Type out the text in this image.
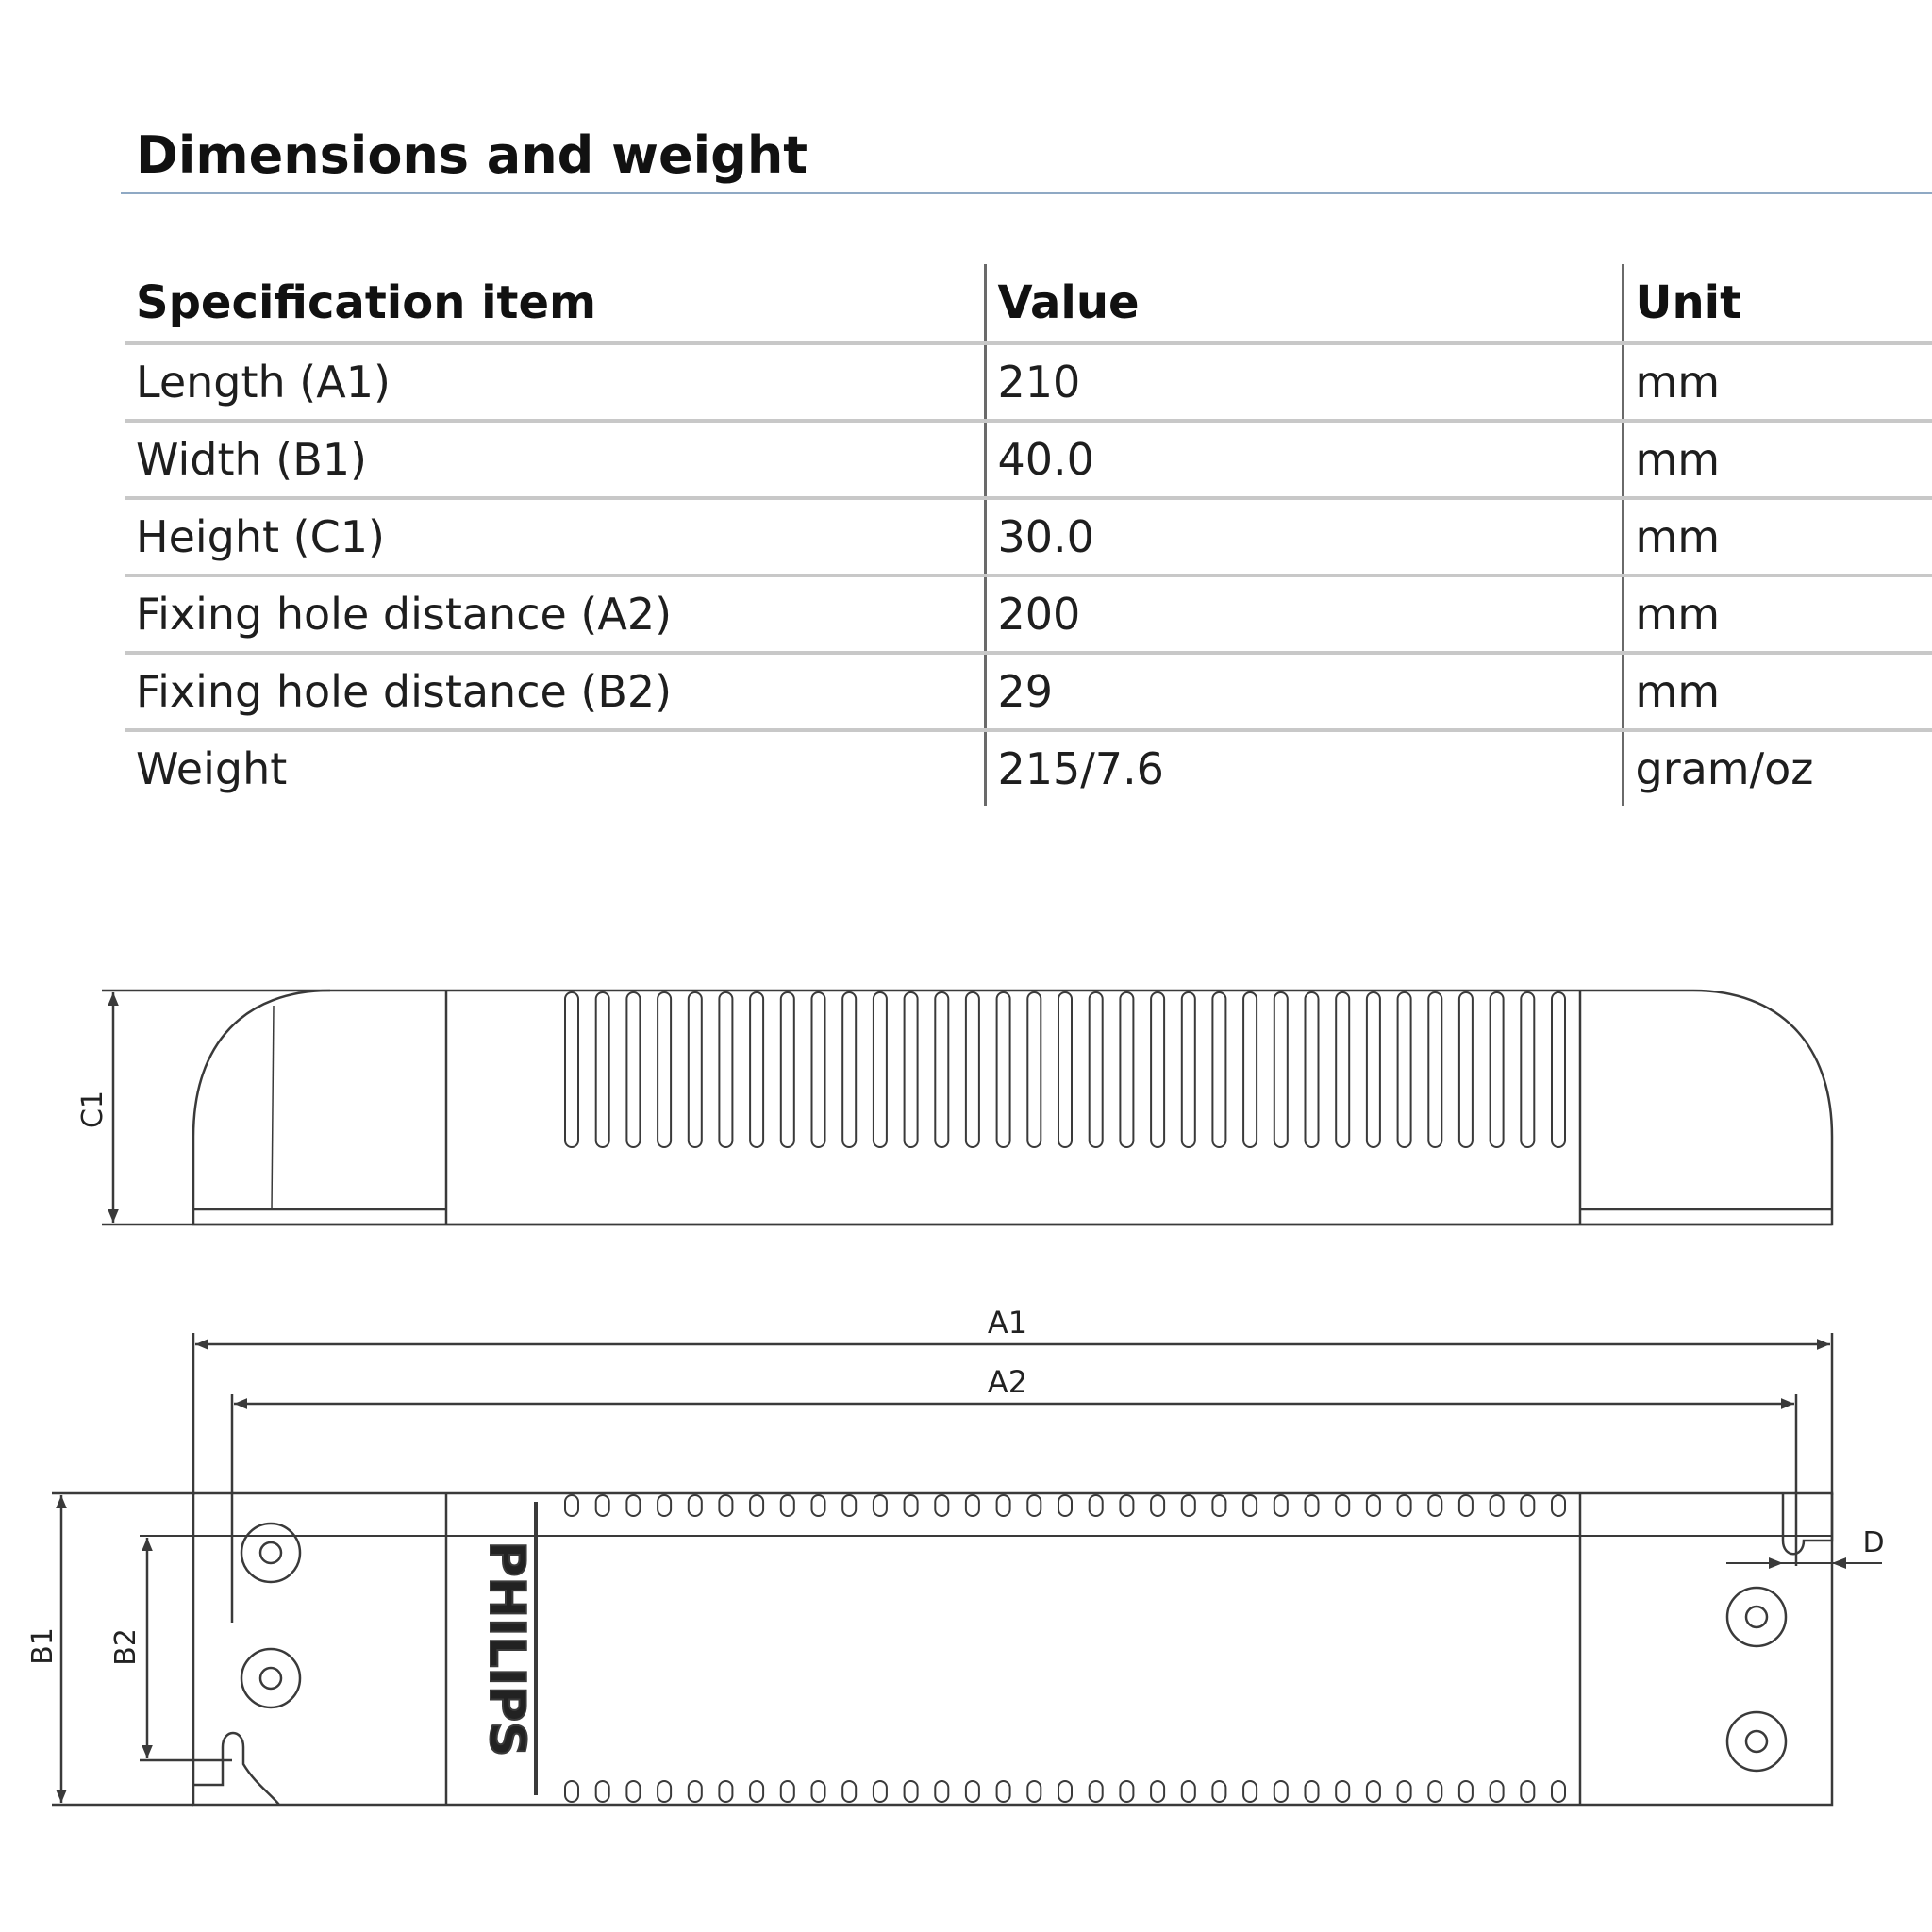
Dimensions and weight
Specification item	Value	Unit
Length (A1)	210	mm
Width (B1)	40.0	mm
Height (C1)	30.0	mm
Fixing hole distance (A2)	200	mm
Fixing hole distance (B2)	29	mm
Weight	215/7.6	gram/oz
C1
A1
A2
PHILIPS
B1 B2
D
